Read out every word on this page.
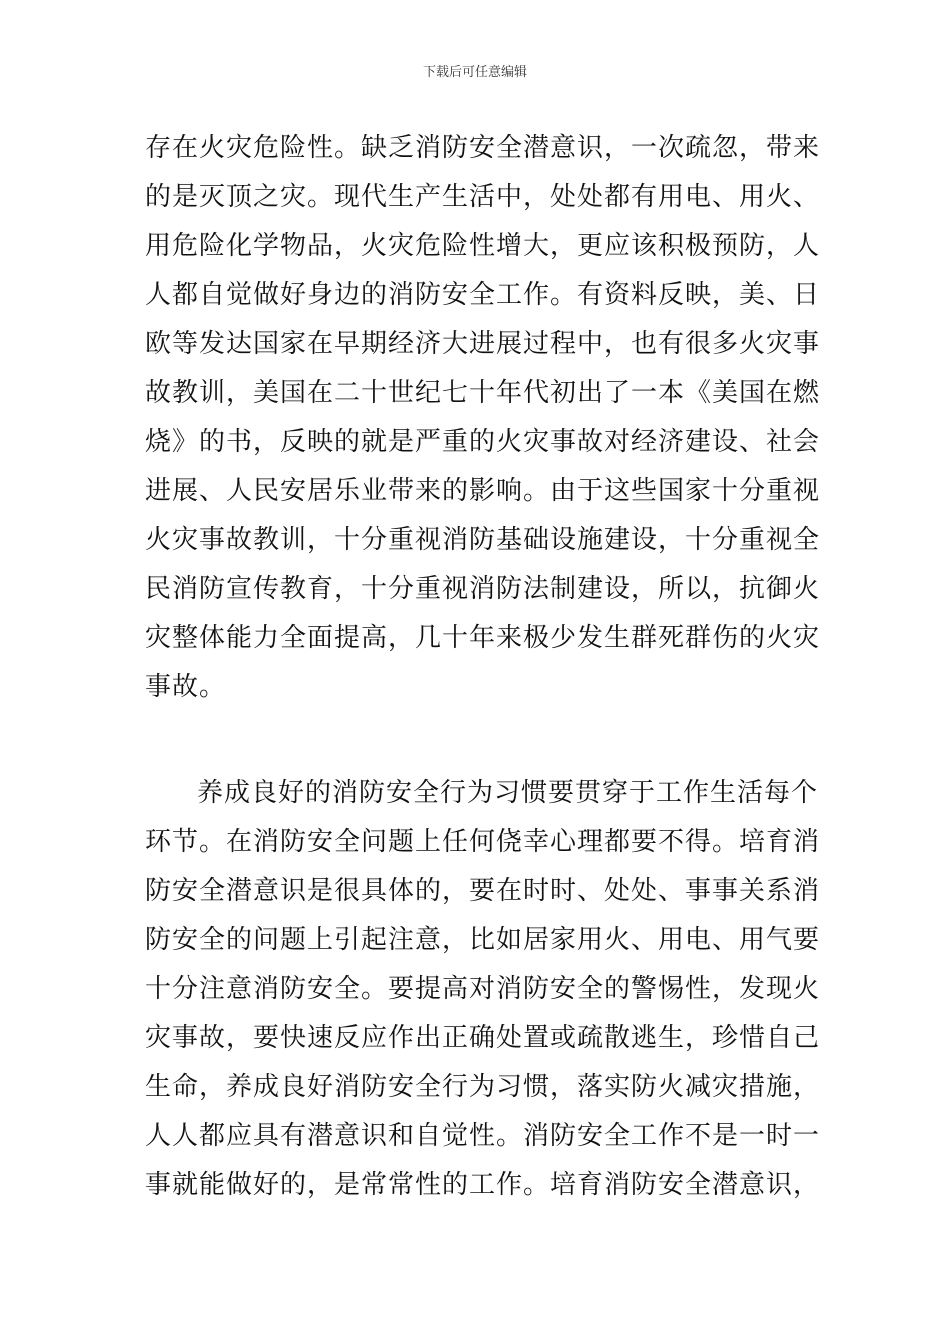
下载后可任意编辑
存在火灾危险性。缺乏消防安全潜意识，一次疏忽，带来
的是灭顶之灾。现代生产生活中，处处都有用电、用火、
用危险化学物品，火灾危险性增大，更应该积极预防，人
人都自觉做好身边的消防安全工作。有资料反映，美、日
欧等发达国家在早期经济大进展过程中，也有很多火灾事
故教训，美国在二十世纪七十年代初出了一本《美国在燃
烧》的书，反映的就是严重的火灾事故对经济建设、社会
进展、人民安居乐业带来的影响。由于这些国家十分重视
火灾事故教训，十分重视消防基础设施建设，十分重视全
民消防宣传教育，十分重视消防法制建设，所以，抗御火
灾整体能力全面提高，几十年来极少发生群死群伤的火灾
事故。
养成良好的消防安全行为习惯要贯穿于工作生活每个
环节。在消防安全问题上任何侥幸心理都要不得。培育消
防安全潜意识是很具体的，要在时时、处处、事事关系消
防安全的问题上引起注意，比如居家用火、用电、用气要
十分注意消防安全。要提高对消防安全的警惕性，发现火
灾事故，要快速反应作出正确处置或疏散逃生，珍惜自己
生命，养成良好消防安全行为习惯，落实防火减灾措施，
人人都应具有潜意识和自觉性。消防安全工作不是一时一
事就能做好的，是常常性的工作。培育消防安全潜意识，
